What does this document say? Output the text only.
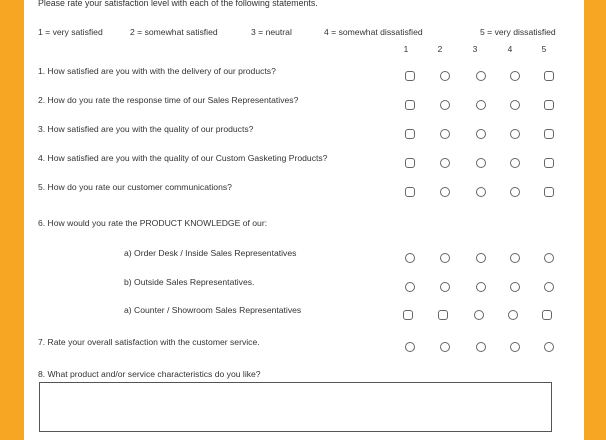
Please rate your satisfaction level with each of the following statements.
1 = very satisfied	2 = somewhat satisfied	3 = neutral	4 = somewhat dissatisfied	5 = very dissatisfied
1	2	3	4	5
1. How satisfied are you with with the delivery of our products?
2. How do you rate the response time of our Sales Representatives?
3. How satisfied are you with the quality of our products?
4. How satisfied are you with the quality of our Custom Gasketing Products?
5. How do you rate our customer communications?
6. How would you rate the PRODUCT KNOWLEDGE of our:
a) Order Desk / Inside Sales Representatives
b) Outside Sales Representatives.
a) Counter / Showroom Sales Representatives
7. Rate your overall satisfaction with the customer service.
8. What product and/or service characteristics do you like?
